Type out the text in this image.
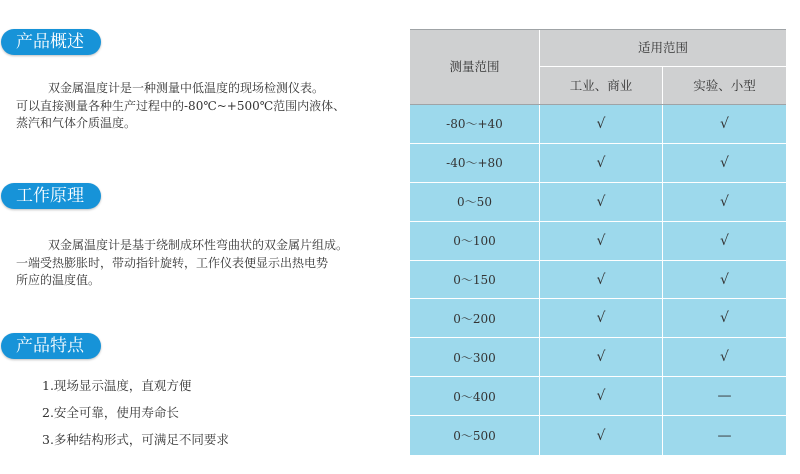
产品概述

双金属温度计是一种测量中低温度的现场检测仪表。
可以直接测量各种生产过程中的-80℃~+500℃范围内液体、
蒸汽和气体介质温度。

工作原理

双金属温度计是基于绕制成环性弯曲状的双金属片组成。
一端受热膨胀时，带动指针旋转，工作仪表便显示出热电势
所应的温度值。

产品特点
1.现场显示温度，直观方便
2.安全可靠，使用寿命长
3.多种结构形式，可满足不同要求
测量范围
适用范围
工业、商业	实验、小型
-80～+40	√	√
-40～+80	√	√
0～50	√	√
0～100	√	√
0～150	√	√
0～200	√	√
0～300	√	√
0～400	√	—
0～500	√	—
